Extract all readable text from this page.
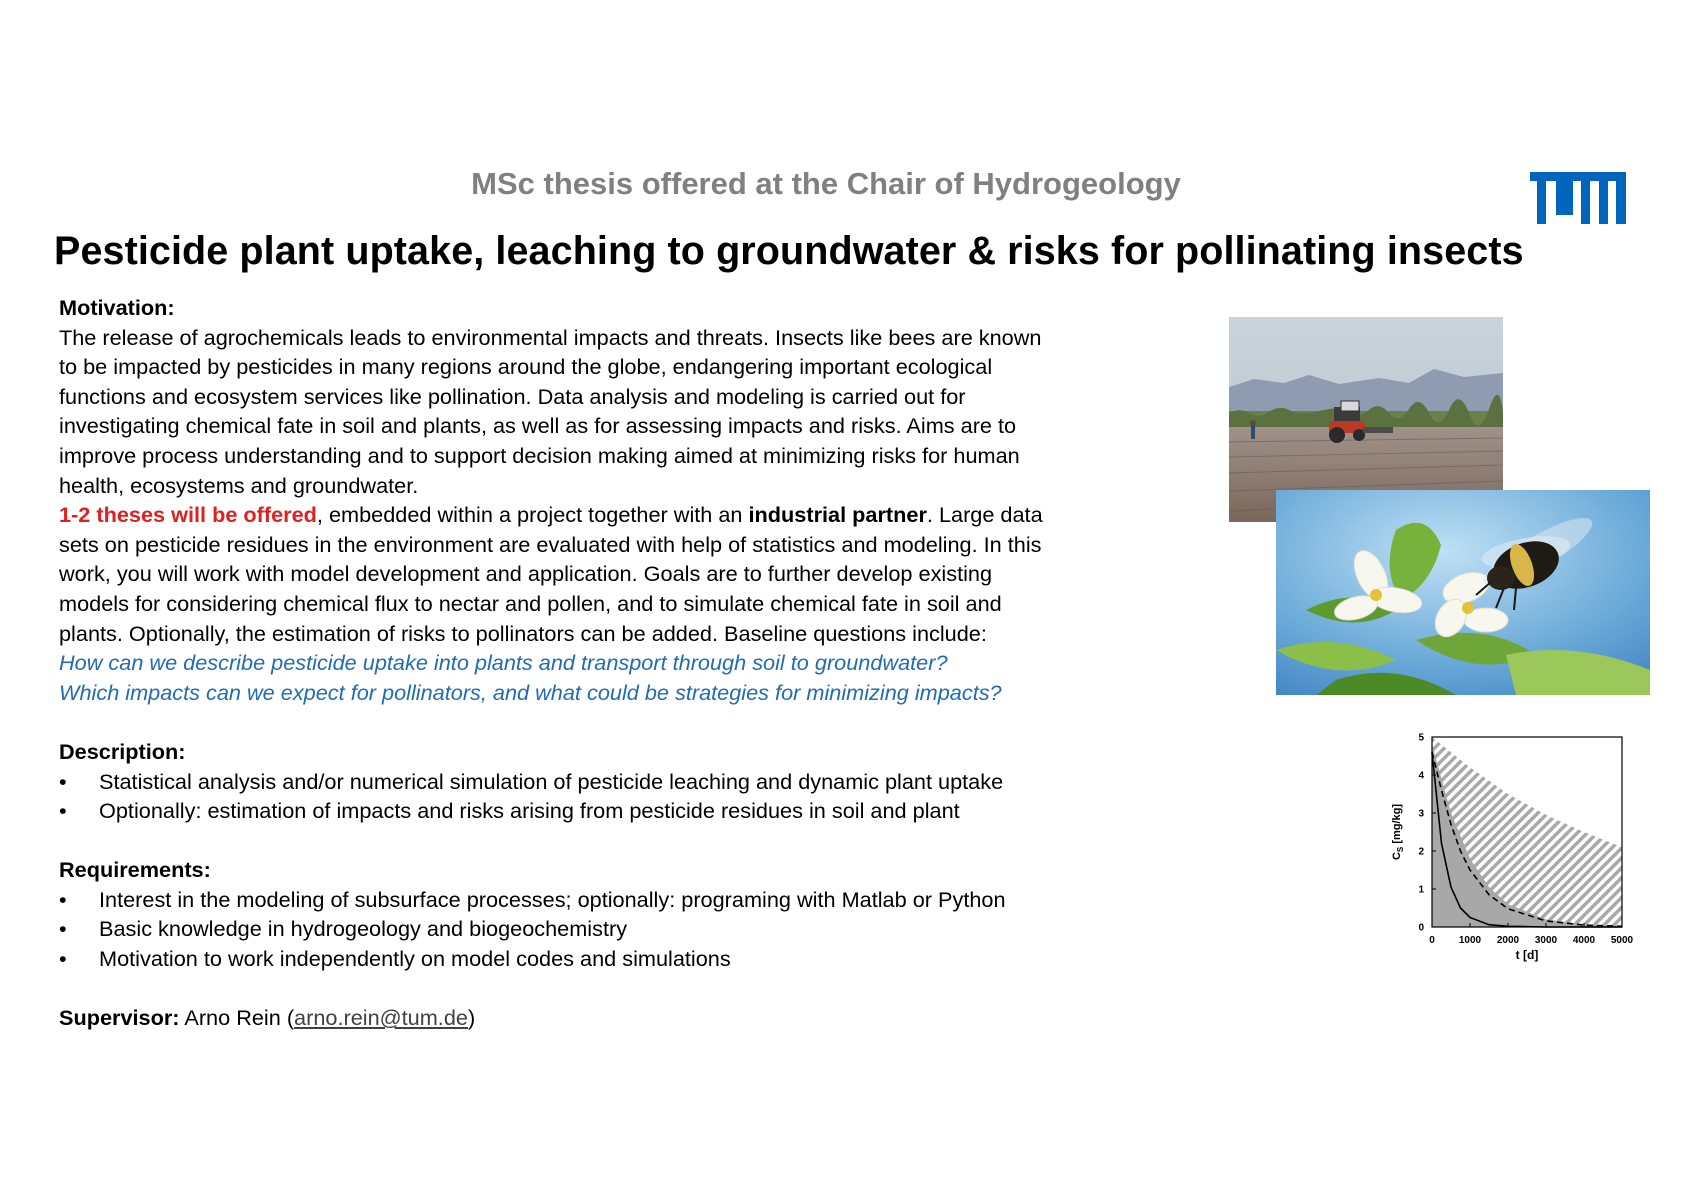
MSc thesis offered at the Chair of Hydrogeology
Pesticide plant uptake, leaching to groundwater & risks for pollinating insects

Motivation:

The release of agrochemicals leads to environmental impacts and threats. Insects like bees are known

to be impacted by pesticides in many regions around the globe, endangering important ecological

functions and ecosystem services like pollination. Data analysis and modeling is carried out for

investigating chemical fate in soil and plants, as well as for assessing impacts and risks. Aims are to

improve process understanding and to support decision making aimed at minimizing risks for human

health, ecosystems and groundwater.

1-2 theses will be offered, embedded within a project together with an industrial partner. Large data

sets on pesticide residues in the environment are evaluated with help of statistics and modeling. In this

work, you will work with model development and application. Goals are to further develop existing

models for considering chemical flux to nectar and pollen, and to simulate chemical fate in soil and

plants. Optionally, the estimation of risks to pollinators can be added. Baseline questions include:

How can we describe pesticide uptake into plants and transport through soil to groundwater?

Which impacts can we expect for pollinators, and what could be strategies for minimizing impacts?

Description:

• Statistical analysis and/or numerical simulation of pesticide leaching and dynamic plant uptake

• Optionally: estimation of impacts and risks arising from pesticide residues in soil and plant

Requirements:

• Interest in the modeling of subsurface processes; optionally: programing with Matlab or Python

• Basic knowledge in hydrogeology and biogeochemistry

• Motivation to work independently on model codes and simulations

Supervisor: Arno Rein (arno.rein@tum.de)

0 1000 2000 3000 4000 5000
0
1
2
3
4
5
t [d]
$C_S$ [mg/kg]
